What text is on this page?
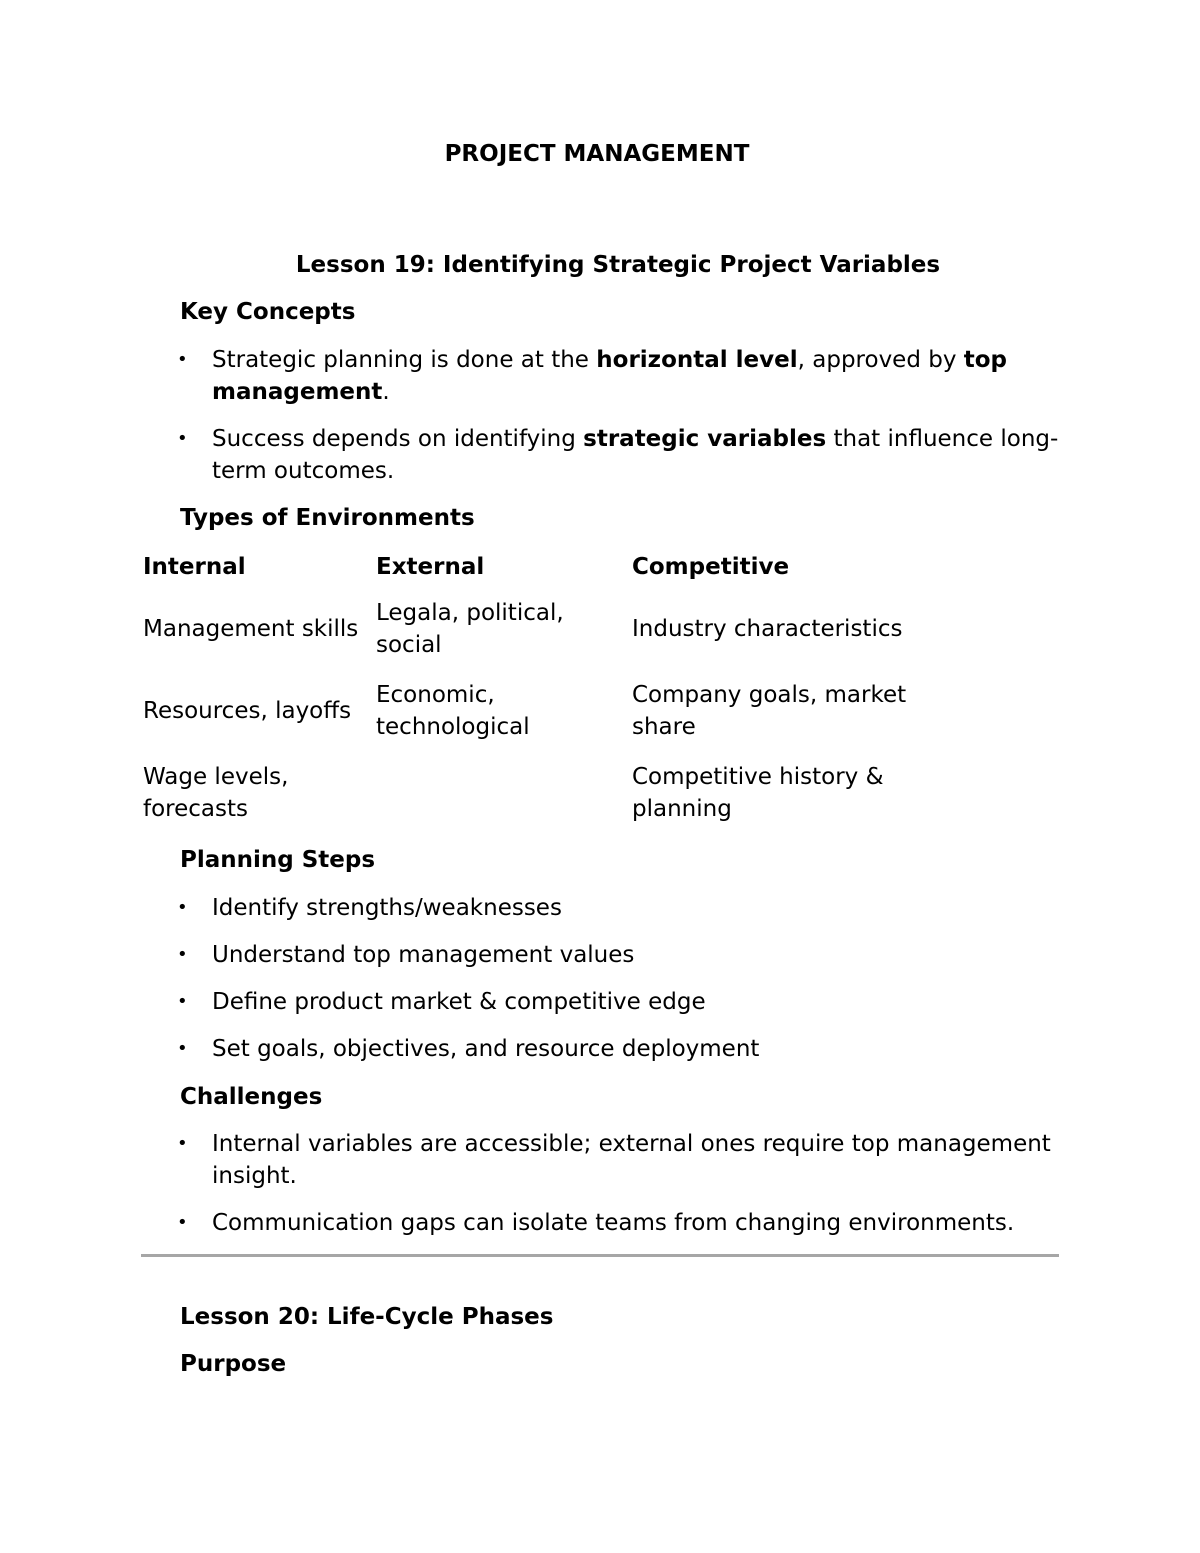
PROJECT MANAGEMENT
Lesson 19: Identifying Strategic Project Variables
Key Concepts
• Strategic planning is done at the horizontal level, approved by top management.
• Success depends on identifying strategic variables that influence long-term outcomes.
Types of Environments
Internal	External	Competitive
Management skills	Legala, political, social	Industry characteristics
Resources, layoffs	Economic, technological	Company goals, market share
Wage levels, forecasts		Competitive history & planning
Planning Steps
• Identify strengths/weaknesses
• Understand top management values
• Define product market & competitive edge
• Set goals, objectives, and resource deployment
Challenges
• Internal variables are accessible; external ones require top management insight.
• Communication gaps can isolate teams from changing environments.
Lesson 20: Life-Cycle Phases
Purpose
